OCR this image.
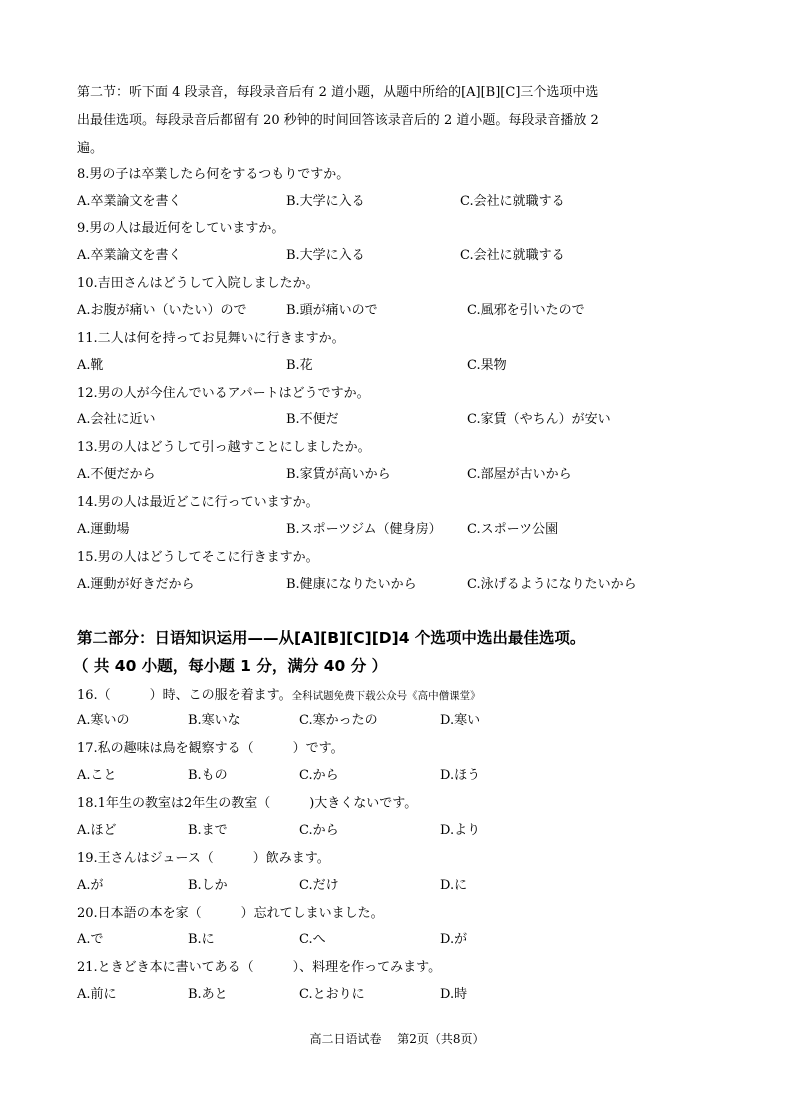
第二节：听下面 4 段录音，每段录音后有 2 道小题，从题中所给的[A][B][C]三个选项中选
出最佳选项。每段录音后都留有 20 秒钟的时间回答该录音后的 2 道小题。每段录音播放 2
遍。
8.男の子は卒業したら何をするつもりですか。
A.卒業論文を書く	B.大学に入る	C.会社に就職する
9.男の人は最近何をしていますか。
A.卒業論文を書く	B.大学に入る	C.会社に就職する
10.吉田さんはどうして入院しましたか。
A.お腹が痛い（いたい）ので	B.頭が痛いので	C.風邪を引いたので
11.二人は何を持ってお見舞いに行きますか。
A.靴	B.花	C.果物
12.男の人が今住んでいるアパートはどうですか。
A.会社に近い	B.不便だ	C.家賃（やちん）が安い
13.男の人はどうして引っ越すことにしましたか。
A.不便だから	B.家賃が高いから	C.部屋が古いから
14.男の人は最近どこに行っていますか。
A.運動場	B.スポーツジム（健身房） C.スポーツ公園
15.男の人はどうしてそこに行きますか。
A.運動が好きだから	B.健康になりたいから	C.泳げるようになりたいから
第二部分：日语知识运用——从[A][B][C][D]4 个选项中选出最佳选项。
（ 共 40 小题，每小题 1 分，满分 40 分 ）
16.（　　　）時、この服を着ます。全科试题免费下载公众号《高中僧课堂》
A.寒いの	B.寒いな	C.寒かったの	D.寒い
17.私の趣味は鳥を観察する（　　　）です。
A.こと	B.もの	C.から	D.ほう
18.1年生の教室は2年生の教室（　　　)大きくないです。
A.ほど	B.まで	C.から	D.より
19.王さんはジュース（　　　）飲みます。
A.が	B.しか	C.だけ	D.に
20.日本語の本を家（　　　）忘れてしまいました。
A.で	B.に	C.へ	D.が
21.ときどき本に書いてある（　　　）、料理を作ってみます。
A.前に	B.あと	C.とおりに	D.時
高二日语试卷　 第2页（共8页）
